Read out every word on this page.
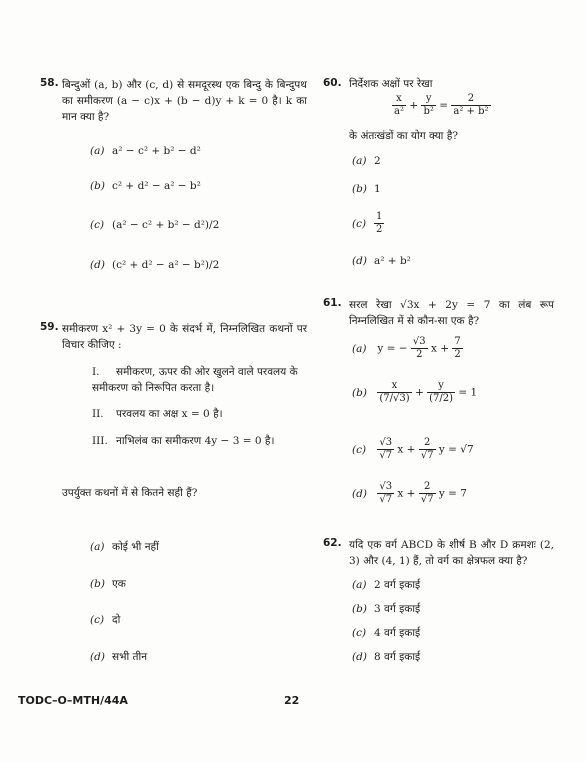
58. बिन्दुओं (a, b) और (c, d) से समदूरस्थ एक बिन्दु के बिन्दुपथ का समीकरण (a − c)x + (b − d)y + k = 0 है। k का मान क्या है?
(a) a² − c² + b² − d²
(b) c² + d² − a² − b²
(c) (a² − c² + b² − d²)/2
(d) (c² + d² − a² − b²)/2
59. समीकरण x² + 3y = 0 के संदर्भ में, निम्नलिखित कथनों पर विचार कीजिए :
I. समीकरण, ऊपर की ओर खुलने वाले परवलय के समीकरण को निरूपित करता है।
II. परवलय का अक्ष x = 0 है।
III. नाभिलंब का समीकरण 4y − 3 = 0 है।
उपर्युक्त कथनों में से कितने सही हैं?
(a) कोई भी नहीं
(b) एक
(c) दो
(d) सभी तीन
60. निर्देशक अक्षों पर रेखा
$\frac{x}{\text{a²}} + \frac{y}{\text{b²}} = \frac{2}{\text{a² + b²}}$
के अंतःखंडों का योग क्या है?
(a) 2
(b) 1
$(c) \frac{1}{2}$
(d) a² + b²
61. सरल रेखा √3x + 2y = 7 का लंब रूप निम्नलिखित में से कौन-सा एक है?
(a) y = − $\frac{√3}{2}$ $x + \frac{7}{2}$
$(b) \frac{x}{(7/√3)} + \frac{y}{(7/2)} = 1$
$(c) \frac{√3}{√7}$ $x + \frac{2}{√7}$ y = √7
$(d) \frac{√3}{√7}$ $x + \frac{2}{√7}$ y = 7
62. यदि एक वर्ग ABCD के शीर्ष B और D क्रमशः (2, 3) और (4, 1) हैं, तो वर्ग का क्षेत्रफल क्या है?
(a) 2 वर्ग इकाई
(b) 3 वर्ग इकाई
(c) 4 वर्ग इकाई
(d) 8 वर्ग इकाई
TODC–O–MTH/44A	22
